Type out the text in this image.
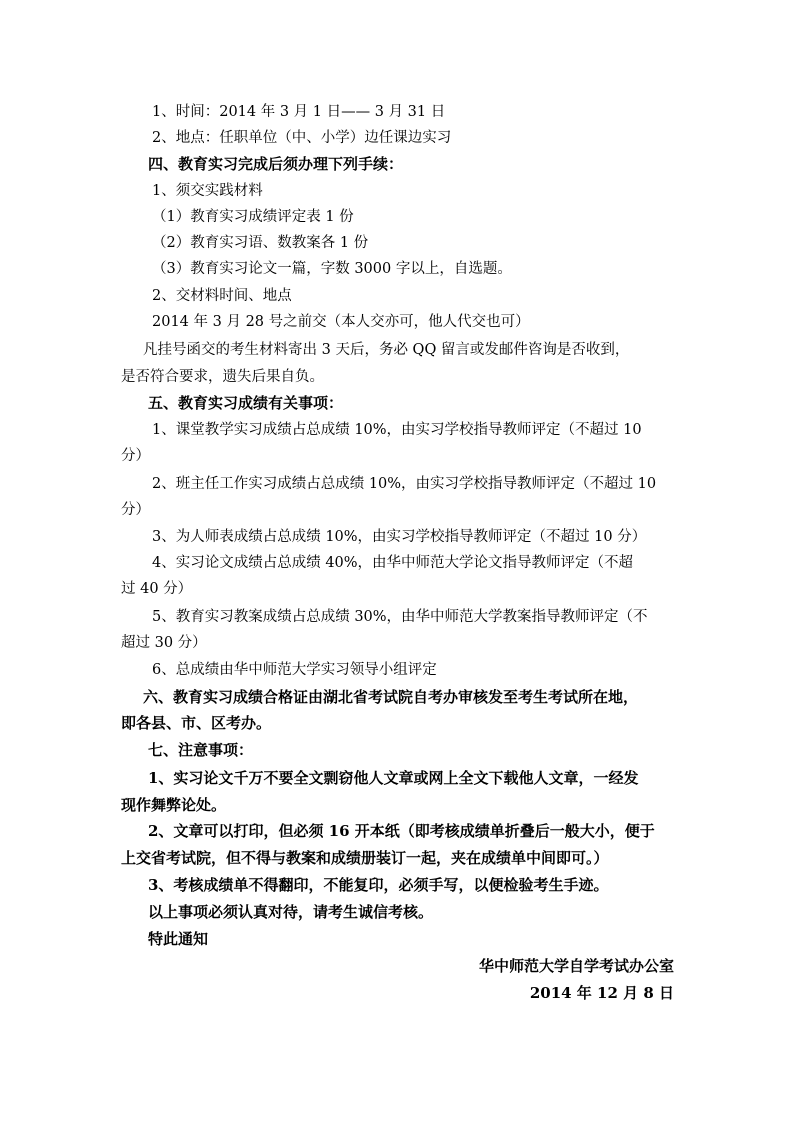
1、时间：2014 年 3 月 1 日—— 3 月 31 日
2、地点：任职单位（中、小学）边任课边实习
四、教育实习完成后须办理下列手续：
1、须交实践材料
（1）教育实习成绩评定表 1 份
（2）教育实习语、数教案各 1 份
（3）教育实习论文一篇，字数 3000 字以上，自选题。
2、交材料时间、地点
2014 年 3 月 28 号之前交（本人交亦可，他人代交也可）
凡挂号函交的考生材料寄出 3 天后，务必 QQ 留言或发邮件咨询是否收到，
是否符合要求，遗失后果自负。
五、教育实习成绩有关事项：
1、课堂教学实习成绩占总成绩 10%，由实习学校指导教师评定（不超过 10
分）
2、班主任工作实习成绩占总成绩 10%，由实习学校指导教师评定（不超过 10
分）
3、为人师表成绩占总成绩 10%，由实习学校指导教师评定（不超过 10 分）
4、实习论文成绩占总成绩 40%，由华中师范大学论文指导教师评定（不超
过 40 分）
5、教育实习教案成绩占总成绩 30%，由华中师范大学教案指导教师评定（不
超过 30 分）
6、总成绩由华中师范大学实习领导小组评定
六、教育实习成绩合格证由湖北省考试院自考办审核发至考生考试所在地，
即各县、市、区考办。
七、注意事项：
1、实习论文千万不要全文剽窃他人文章或网上全文下载他人文章，一经发
现作舞弊论处。
2、文章可以打印，但必须 16 开本纸（即考核成绩单折叠后一般大小，便于
上交省考试院，但不得与教案和成绩册装订一起，夹在成绩单中间即可。）
3、考核成绩单不得翻印，不能复印，必须手写，以便检验考生手迹。
以上事项必须认真对待，请考生诚信考核。
特此通知
华中师范大学自学考试办公室
2014 年 12 月 8 日
